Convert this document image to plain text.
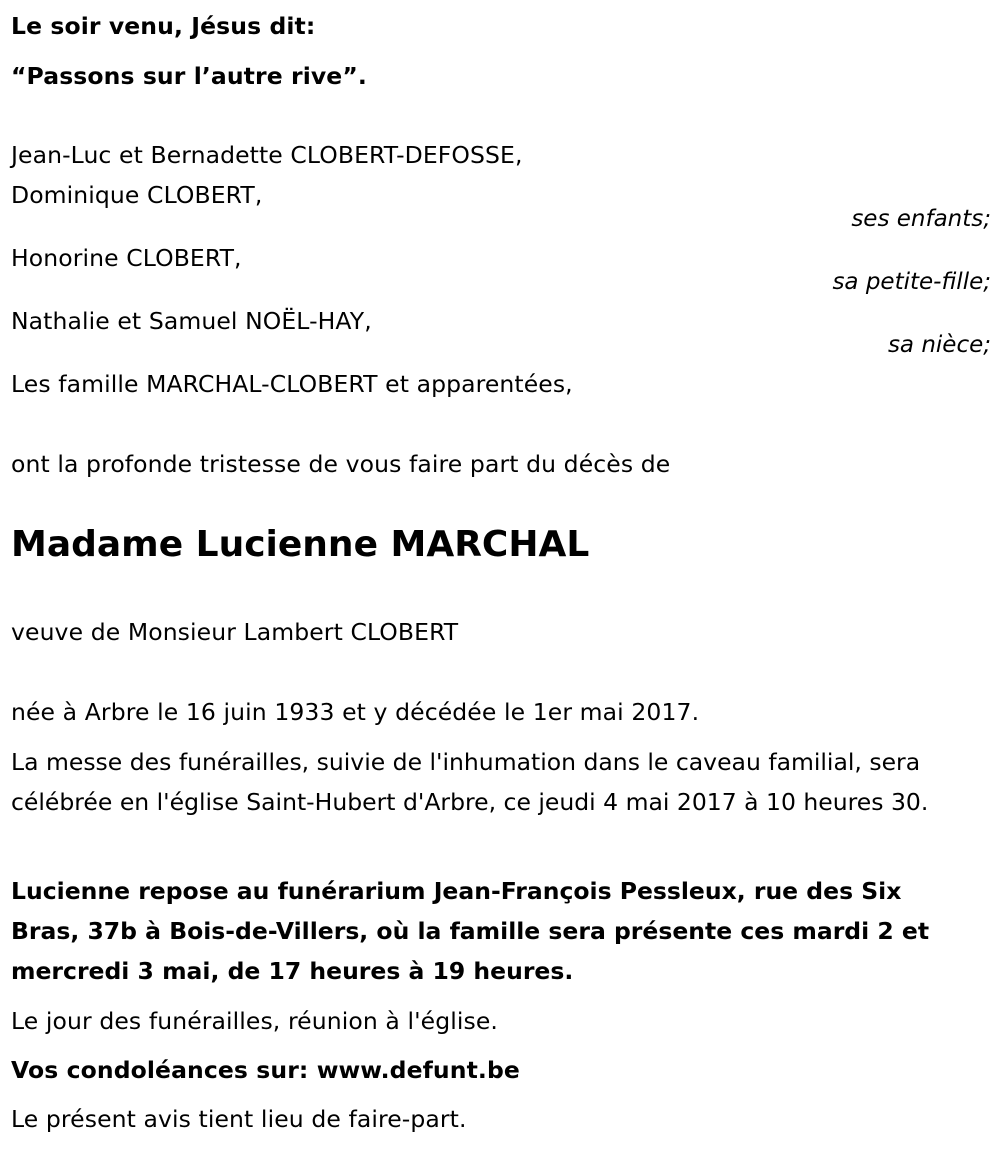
Le soir venu, Jésus dit:
“Passons sur l’autre rive”.
Jean-Luc et Bernadette CLOBERT-DEFOSSE,
Dominique CLOBERT,
ses enfants;
Honorine CLOBERT,
sa petite-fille;
Nathalie et Samuel NOËL-HAY,
sa nièce;
Les famille MARCHAL-CLOBERT et apparentées,
ont la profonde tristesse de vous faire part du décès de
Madame Lucienne MARCHAL
veuve de Monsieur Lambert CLOBERT
née à Arbre le 16 juin 1933 et y décédée le 1er mai 2017.
La messe des funérailles, suivie de l'inhumation dans le caveau familial, sera célébrée en l'église Saint-Hubert d'Arbre, ce jeudi 4 mai 2017 à 10 heures 30.
Lucienne repose au funérarium Jean-François Pessleux, rue des Six Bras, 37b à Bois-de-Villers, où la famille sera présente ces mardi 2 et mercredi 3 mai, de 17 heures à 19 heures.
Le jour des funérailles, réunion à l'église.
Vos condoléances sur: www.defunt.be
Le présent avis tient lieu de faire-part.
